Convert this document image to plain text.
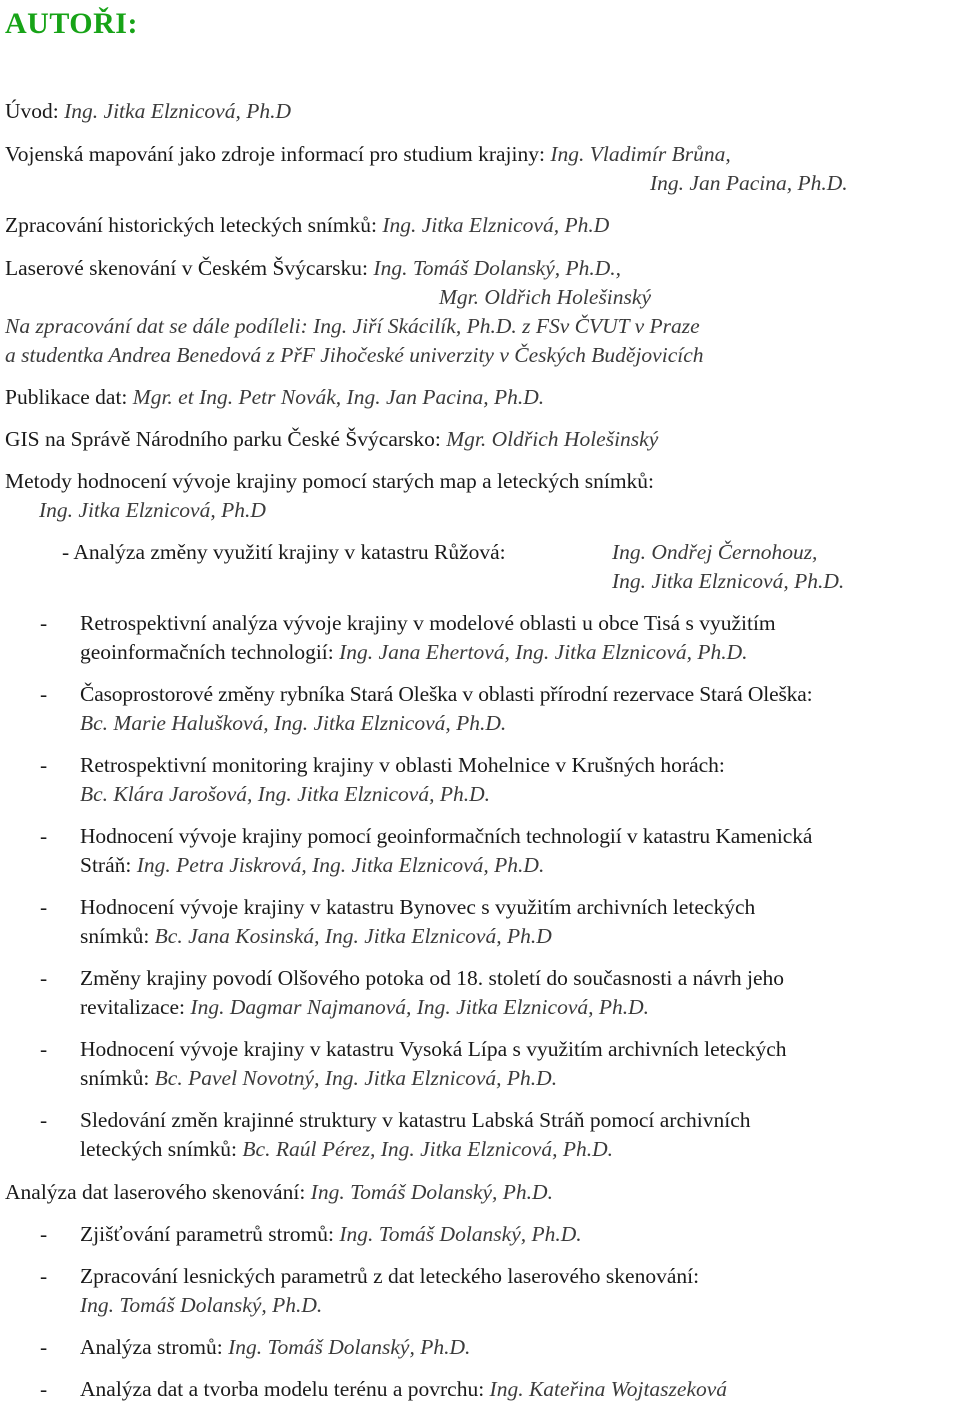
AUTOŘI:
Úvod: Ing. Jitka Elznicová, Ph.D
Vojenská mapování jako zdroje informací pro studium krajiny: Ing. Vladimír Brůna,
Ing. Jan Pacina, Ph.D.
Zpracování historických leteckých snímků: Ing. Jitka Elznicová, Ph.D
Laserové skenování v Českém Švýcarsku: Ing. Tomáš Dolanský, Ph.D.,
Mgr. Oldřich Holešinský
Na zpracování dat se dále podíleli: Ing. Jiří Skácilík, Ph.D. z FSv ČVUT v Praze
a studentka Andrea Benedová z PřF Jihočeské univerzity v Českých Budějovicích
Publikace dat: Mgr. et Ing. Petr Novák, Ing. Jan Pacina, Ph.D.
GIS na Správě Národního parku České Švýcarsko: Mgr. Oldřich Holešinský
Metody hodnocení vývoje krajiny pomocí starých map a leteckých snímků:
Ing. Jitka Elznicová, Ph.D
- Analýza změny využití krajiny v katastru Růžová:	Ing. Ondřej Černohouz,
Ing. Jitka Elznicová, Ph.D.
- Retrospektivní analýza vývoje krajiny v modelové oblasti u obce Tisá s využitím
geoinformačních technologií: Ing. Jana Ehertová, Ing. Jitka Elznicová, Ph.D.
- Časoprostorové změny rybníka Stará Oleška v oblasti přírodní rezervace Stará Oleška:
Bc. Marie Halušková, Ing. Jitka Elznicová, Ph.D.
- Retrospektivní monitoring krajiny v oblasti Mohelnice v Krušných horách:
Bc. Klára Jarošová, Ing. Jitka Elznicová, Ph.D.
- Hodnocení vývoje krajiny pomocí geoinformačních technologií v katastru Kamenická
Stráň: Ing. Petra Jiskrová, Ing. Jitka Elznicová, Ph.D.
- Hodnocení vývoje krajiny v katastru Bynovec s využitím archivních leteckých
snímků: Bc. Jana Kosinská, Ing. Jitka Elznicová, Ph.D
- Změny krajiny povodí Olšového potoka od 18. století do současnosti a návrh jeho
revitalizace: Ing. Dagmar Najmanová, Ing. Jitka Elznicová, Ph.D.
- Hodnocení vývoje krajiny v katastru Vysoká Lípa s využitím archivních leteckých
snímků: Bc. Pavel Novotný, Ing. Jitka Elznicová, Ph.D.
- Sledování změn krajinné struktury v katastru Labská Stráň pomocí archivních
leteckých snímků: Bc. Raúl Pérez, Ing. Jitka Elznicová, Ph.D.
Analýza dat laserového skenování: Ing. Tomáš Dolanský, Ph.D.
- Zjišťování parametrů stromů: Ing. Tomáš Dolanský, Ph.D.
- Zpracování lesnických parametrů z dat leteckého laserového skenování:
Ing. Tomáš Dolanský, Ph.D.
- Analýza stromů: Ing. Tomáš Dolanský, Ph.D.
- Analýza dat a tvorba modelu terénu a povrchu: Ing. Kateřina Wojtaszeková
